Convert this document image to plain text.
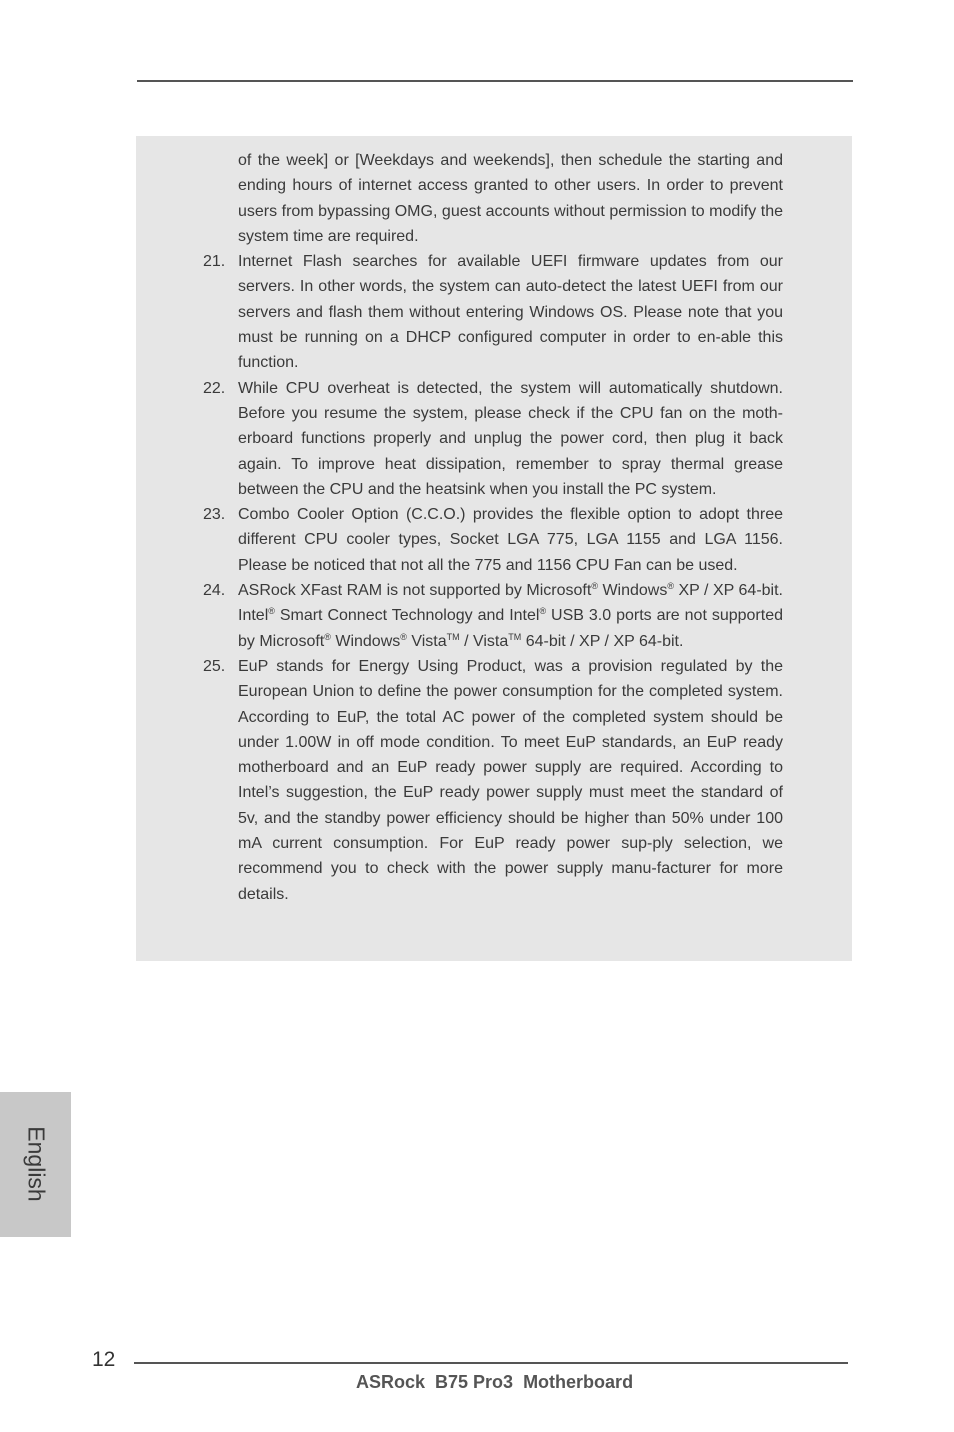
of the week] or [Weekdays and weekends], then schedule the starting and ending hours of internet access granted to other users. In order to prevent users from bypassing OMG, guest accounts without permission to modify the system time are required.
21. Internet Flash searches for available UEFI firmware updates from our servers. In other words, the system can auto-detect the latest UEFI from our servers and flash them without entering Windows OS. Please note that you must be running on a DHCP configured computer in order to en-able this function.
22. While CPU overheat is detected, the system will automatically shutdown. Before you resume the system, please check if the CPU fan on the moth-erboard functions properly and unplug the power cord, then plug it back again. To improve heat dissipation, remember to spray thermal grease between the CPU and the heatsink when you install the PC system.
23. Combo Cooler Option (C.C.O.) provides the flexible option to adopt three different CPU cooler types, Socket LGA 775, LGA 1155 and LGA 1156. Please be noticed that not all the 775 and 1156 CPU Fan can be used.
24. ASRock XFast RAM is not supported by Microsoft® Windows® XP / XP 64-bit. Intel® Smart Connect Technology and Intel® USB 3.0 ports are not supported by Microsoft® Windows® Vista™ / Vista™ 64-bit / XP / XP 64-bit.
25. EuP stands for Energy Using Product, was a provision regulated by the European Union to define the power consumption for the completed system. According to EuP, the total AC power of the completed system should be under 1.00W in off mode condition. To meet EuP standards, an EuP ready motherboard and an EuP ready power supply are required. According to Intel’s suggestion, the EuP ready power supply must meet the standard of 5v, and the standby power efficiency should be higher than 50% under 100 mA current consumption. For EuP ready power sup-ply selection, we recommend you to check with the power supply manu-facturer for more details.
English
12
ASRock  B75 Pro3  Motherboard
